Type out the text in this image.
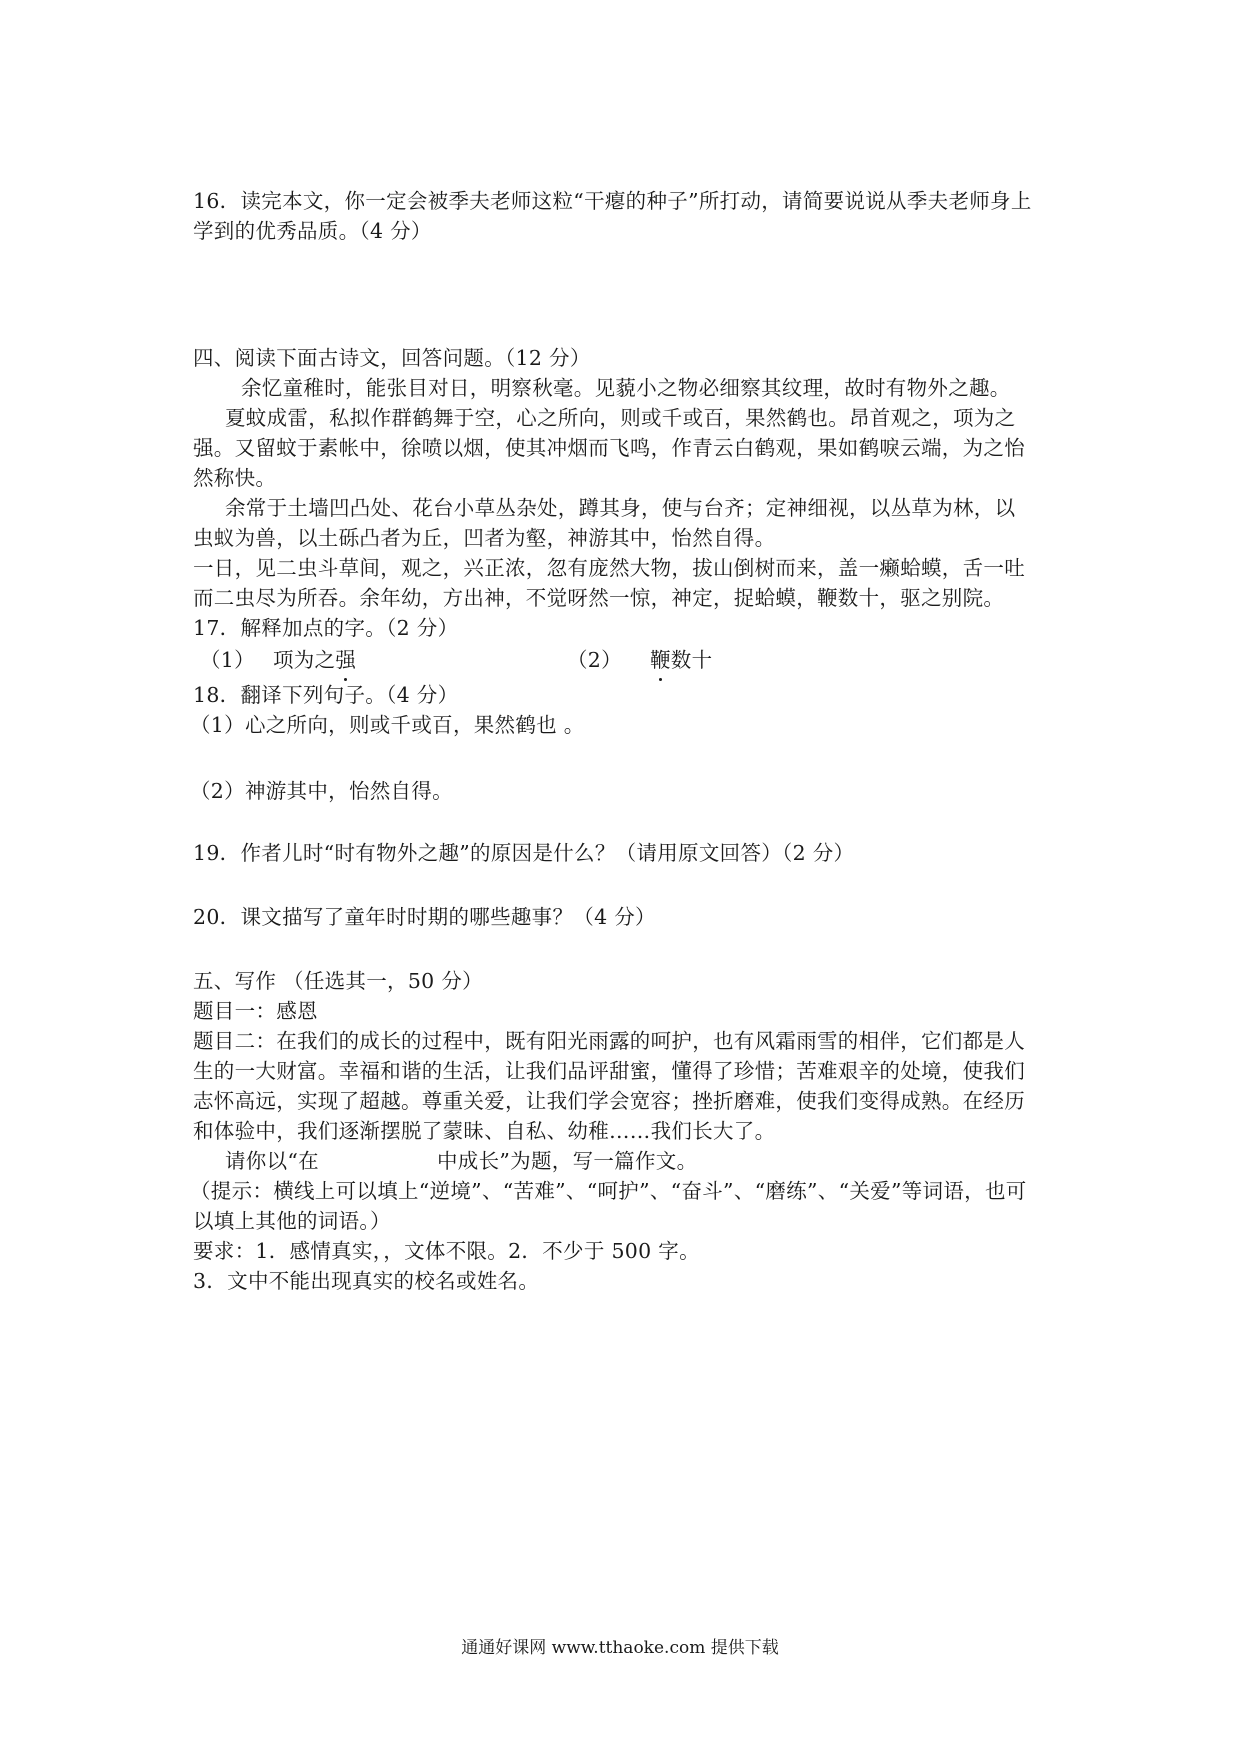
16．读完本文，你一定会被季夫老师这粒“干瘪的种子”所打动，请简要说说从季夫老师身上
学到的优秀品质。（4 分）
四、阅读下面古诗文，回答问题。（12 分）
余忆童稚时，能张目对日，明察秋毫。见藐小之物必细察其纹理，故时有物外之趣。
夏蚊成雷，私拟作群鹤舞于空，心之所向，则或千或百，果然鹤也。昂首观之，项为之
强。又留蚊于素帐中，徐喷以烟，使其冲烟而飞鸣，作青云白鹤观，果如鹤唳云端，为之怡
然称快。
余常于土墙凹凸处、花台小草丛杂处，蹲其身，使与台齐；定神细视，以丛草为林，以
虫蚁为兽，以土砾凸者为丘，凹者为壑，神游其中，怡然自得。
一日，见二虫斗草间，观之，兴正浓，忽有庞然大物，拔山倒树而来，盖一癞蛤蟆，舌一吐
而二虫尽为所吞。余年幼，方出神，不觉呀然一惊，神定，捉蛤蟆，鞭数十，驱之别院。
17．解释加点的字。（2 分）
（1） 项为之强	（2） 鞭数十
18．翻译下列句子。（4 分）
（1）心之所向，则或千或百，果然鹤也 。
（2）神游其中，怡然自得。
19．作者儿时“时有物外之趣”的原因是什么？（请用原文回答）（2 分）
20．课文描写了童年时时期的哪些趣事？（4 分）
五、写作 （任选其一，50 分）
题目一：感恩
题目二：在我们的成长的过程中，既有阳光雨露的呵护，也有风霜雨雪的相伴，它们都是人
生的一大财富。幸福和谐的生活，让我们品评甜蜜，懂得了珍惜；苦难艰辛的处境，使我们
志怀高远，实现了超越。尊重关爱，让我们学会宽容；挫折磨难，使我们变得成熟。在经历
和体验中，我们逐渐摆脱了蒙昧、自私、幼稚……我们长大了。
请你以“在	中成长”为题，写一篇作文。
（提示：横线上可以填上“逆境”、“苦难”、“呵护”、“奋斗”、“磨练”、“关爱”等词语，也可
以填上其他的词语。）
要求：1．感情真实，，文体不限。2．不少于 500 字。
3．文中不能出现真实的校名或姓名。
通通好课网 www.tthaoke.com 提供下载
